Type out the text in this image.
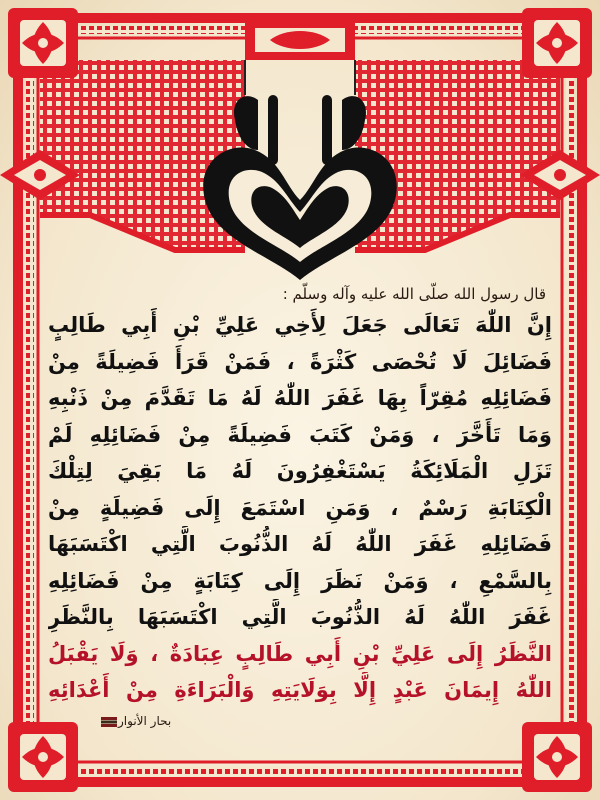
قال رسول الله صلّى الله عليه وآله وسلّم :
إِنَّ اللّٰهَ تَعَالَى جَعَلَ لِأَخِي عَلِيِّ بْنِ أَبِي طَالِبٍ
فَضَائِلَ لَا تُحْصَى كَثْرَةً ، فَمَنْ قَرَأَ فَضِيلَةً مِنْ
فَضَائِلِهِ مُقِرّاً بِهَا غَفَرَ اللّٰهُ لَهُ مَا تَقَدَّمَ مِنْ ذَنْبِهِ
وَمَا تَأَخَّرَ ، وَمَنْ كَتَبَ فَضِيلَةً مِنْ فَضَائِلِهِ لَمْ
تَزَلِ الْمَلَائِكَةُ يَسْتَغْفِرُونَ لَهُ مَا بَقِيَ لِتِلْكَ
الْكِتَابَةِ رَسْمٌ ، وَمَنِ اسْتَمَعَ إِلَى فَضِيلَةٍ مِنْ
فَضَائِلِهِ غَفَرَ اللّٰهُ لَهُ الذُّنُوبَ الَّتِي اكْتَسَبَهَا
بِالسَّمْعِ ، وَمَنْ نَظَرَ إِلَى كِتَابَةٍ مِنْ فَضَائِلِهِ
غَفَرَ اللّٰهُ لَهُ الذُّنُوبَ الَّتِي اكْتَسَبَهَا بِالنَّظَرِ
النَّظَرُ إِلَى عَلِيِّ بْنِ أَبِي طَالِبٍ عِبَادَةٌ ، وَلَا يَقْبَلُ
اللّٰهُ إِيمَانَ عَبْدٍ إِلَّا بِوَلَايَتِهِ وَالْبَرَاءَةِ مِنْ أَعْدَائِهِ
بحار الأنوار
